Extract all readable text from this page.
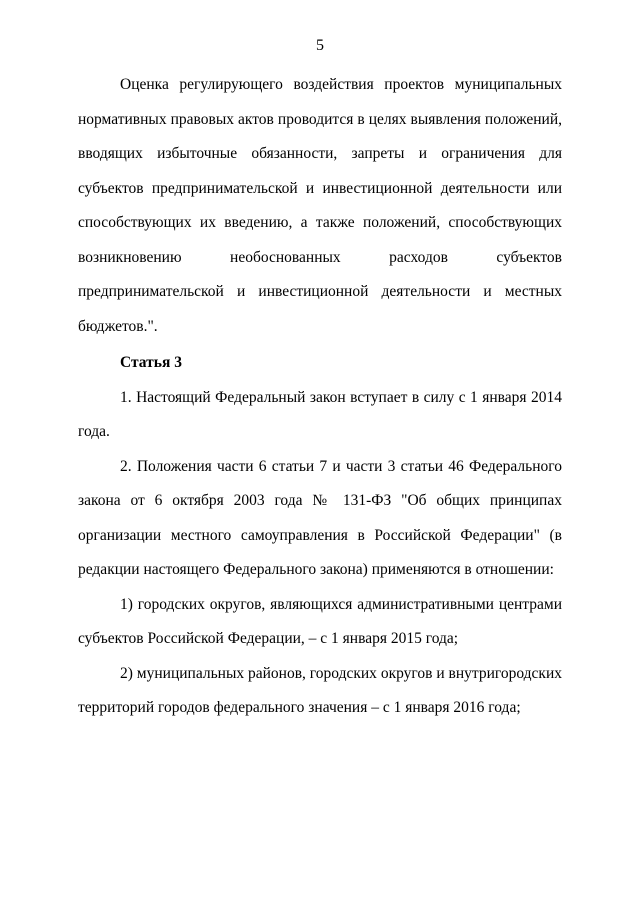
5

Оценка регулирующего воздействия проектов муниципальных нормативных правовых актов проводится в целях выявления положений, вводящих избыточные обязанности, запреты и ограничения для субъектов предпринимательской и инвестиционной деятельности или способствующих их введению, а также положений, способствующих возникновению необоснованных расходов субъектов предпринимательской и инвестиционной деятельности и местных бюджетов.".

Статья 3

1. Настоящий Федеральный закон вступает в силу с 1 января 2014 года.

2. Положения части 6 статьи 7 и части 3 статьи 46 Федерального закона от 6 октября 2003 года № 131-ФЗ "Об общих принципах организации местного самоуправления в Российской Федерации" (в редакции настоящего Федерального закона) применяются в отношении:

1) городских округов, являющихся административными центрами субъектов Российской Федерации, – с 1 января 2015 года;

2) муниципальных районов, городских округов и внутригородских территорий городов федерального значения – с 1 января 2016 года;
